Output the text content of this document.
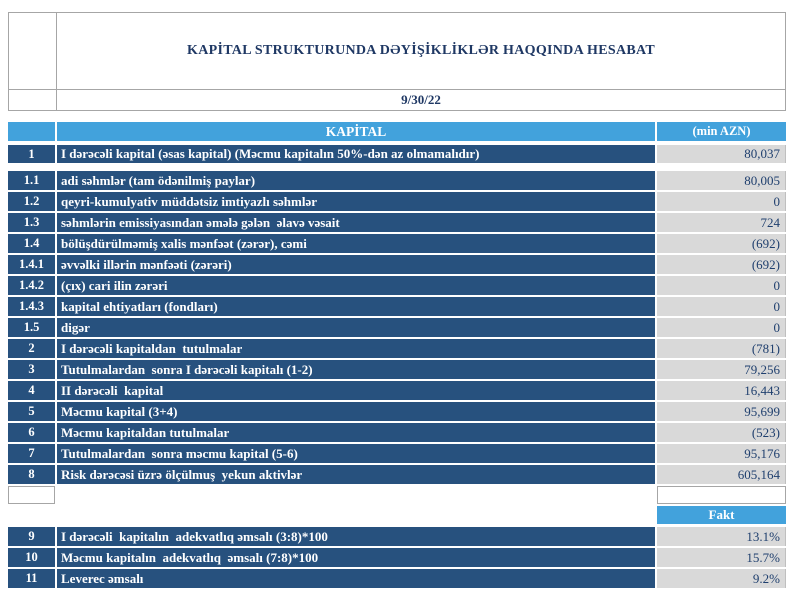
KAPİTAL STRUKTURUNDA DƏYİŞİKLİKLƏR HAQQINDA HESABAT
9/30/22
KAPİTAL	(min AZN)
1	I dərəcəli kapital (əsas kapital) (Məcmu kapitalın 50%-dən az olmamalıdır)	80,037
1.1	adi səhmlər (tam ödənilmiş paylar)	80,005
1.2	qeyri-kumulyativ müddətsiz imtiyazlı səhmlər	0
1.3	səhmlərin emissiyasından əmələ gələn  əlavə vəsait	724
1.4	bölüşdürülməmiş xalis mənfəət (zərər), cəmi	(692)
1.4.1	əvvəlki illərin mənfəəti (zərəri)	(692)
1.4.2	(çıx) cari ilin zərəri	0
1.4.3	kapital ehtiyatları (fondları)	0
1.5	digər	0
2	I dərəcəli kapitaldan  tutulmalar	(781)
3	Tutulmalardan  sonra I dərəcəli kapitalı (1-2)	79,256
4	II dərəcəli  kapital	16,443
5	Məcmu kapital (3+4)	95,699
6	Məcmu kapitaldan tutulmalar	(523)
7	Tutulmalardan  sonra məcmu kapital (5-6)	95,176
8	Risk dərəcəsi üzrə ölçülmuş  yekun aktivlər	605,164
Fakt
9	I dərəcəli  kapitalın  adekvatlıq əmsalı (3:8)*100	13.1%
10	Məcmu kapitalın  adekvatlıq  əmsalı (7:8)*100	15.7%
11	Leverec əmsalı	9.2%
